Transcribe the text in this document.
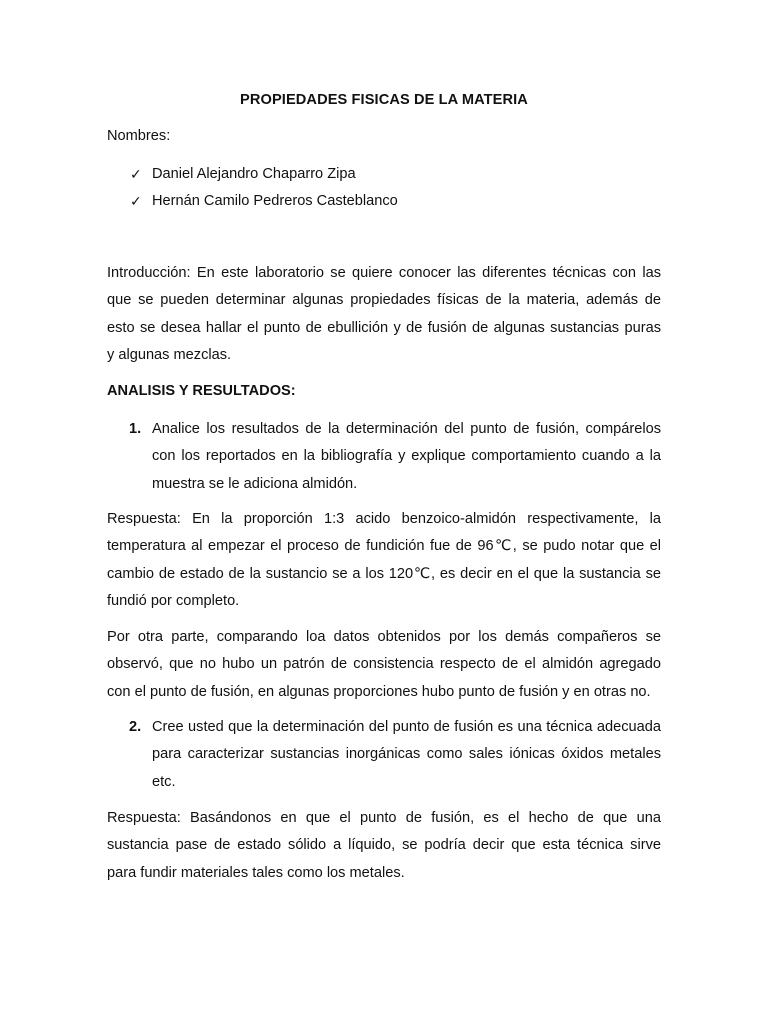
PROPIEDADES FISICAS DE LA MATERIA
Nombres:
✓ Daniel Alejandro Chaparro Zipa
✓ Hernán Camilo Pedreros Casteblanco
Introducción: En este laboratorio se quiere conocer las diferentes técnicas con las
que se pueden determinar algunas propiedades físicas de la materia, además de
esto se desea hallar el punto de ebullición y de fusión de algunas sustancias puras
y algunas mezclas.
ANALISIS Y RESULTADOS:
1. Analice los resultados de la determinación del punto de fusión, compárelos
con los reportados en la bibliografía y explique comportamiento cuando a la
muestra se le adiciona almidón.
Respuesta: En la proporción 1:3 acido benzoico-almidón respectivamente, la
temperatura al empezar el proceso de fundición fue de 96℃, se pudo notar que el
cambio de estado de la sustancio se a los 120℃, es decir en el que la sustancia se
fundió por completo.
Por otra parte, comparando loa datos obtenidos por los demás compañeros se
observó, que no hubo un patrón de consistencia respecto de el almidón agregado
con el punto de fusión, en algunas proporciones hubo punto de fusión y en otras no.
2. Cree usted que la determinación del punto de fusión es una técnica adecuada
para caracterizar sustancias inorgánicas como sales iónicas óxidos metales
etc.
Respuesta: Basándonos en que el punto de fusión, es el hecho de que una
sustancia pase de estado sólido a líquido, se podría decir que esta técnica sirve
para fundir materiales tales como los metales.
